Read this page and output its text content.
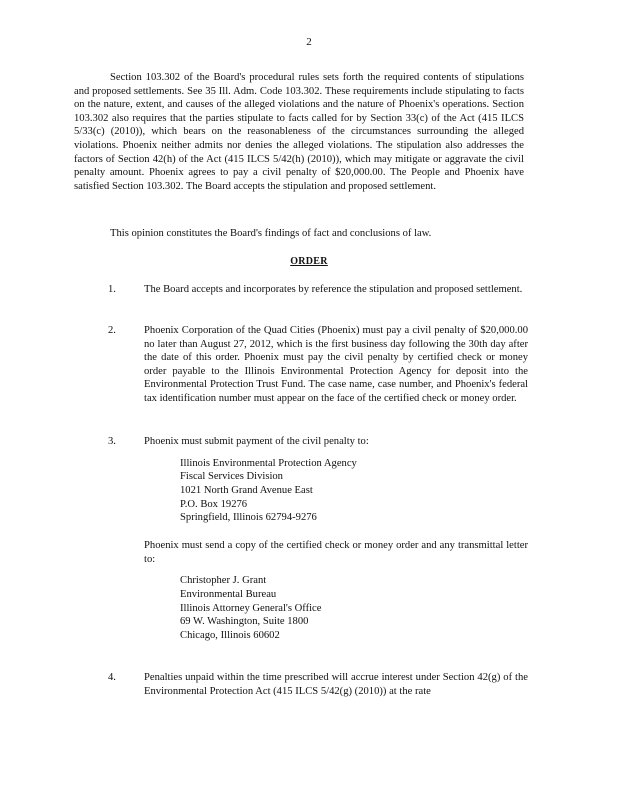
2

Section 103.302 of the Board's procedural rules sets forth the required contents of stipulations and proposed settlements. See 35 Ill. Adm. Code 103.302. These requirements include stipulating to facts on the nature, extent, and causes of the alleged violations and the nature of Phoenix's operations. Section 103.302 also requires that the parties stipulate to facts called for by Section 33(c) of the Act (415 ILCS 5/33(c) (2010)), which bears on the reasonableness of the circumstances surrounding the alleged violations. Phoenix neither admits nor denies the alleged violations. The stipulation also addresses the factors of Section 42(h) of the Act (415 ILCS 5/42(h) (2010)), which may mitigate or aggravate the civil penalty amount. Phoenix agrees to pay a civil penalty of $20,000.00. The People and Phoenix have satisfied Section 103.302. The Board accepts the stipulation and proposed settlement.

This opinion constitutes the Board's findings of fact and conclusions of law.

ORDER
1.	The Board accepts and incorporates by reference the stipulation and proposed settlement.
2.	Phoenix Corporation of the Quad Cities (Phoenix) must pay a civil penalty of $20,000.00 no later than August 27, 2012, which is the first business day following the 30th day after the date of this order. Phoenix must pay the civil penalty by certified check or money order payable to the Illinois Environmental Protection Agency for deposit into the Environmental Protection Trust Fund. The case name, case number, and Phoenix's federal tax identification number must appear on the face of the certified check or money order.
3.	Phoenix must submit payment of the civil penalty to:
Illinois Environmental Protection Agency
Fiscal Services Division
1021 North Grand Avenue East
P.O. Box 19276
Springfield, Illinois 62794-9276
Phoenix must send a copy of the certified check or money order and any transmittal letter to:
Christopher J. Grant
Environmental Bureau
Illinois Attorney General's Office
69 W. Washington, Suite 1800
Chicago, Illinois 60602
4.	Penalties unpaid within the time prescribed will accrue interest under Section 42(g) of the Environmental Protection Act (415 ILCS 5/42(g) (2010)) at the rate
